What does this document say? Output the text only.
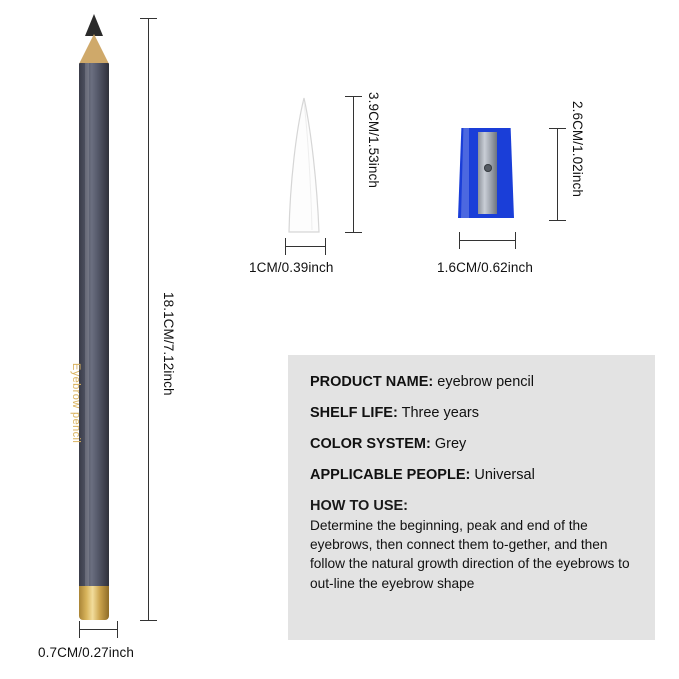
Eyebrow pencil
18.1CM/7.12inch
0.7CM/0.27inch
3.9CM/1.53inch
1CM/0.39inch
2.6CM/1.02inch
1.6CM/0.62inch
PRODUCT NAME: eyebrow pencil
SHELF LIFE: Three years
COLOR SYSTEM: Grey
APPLICABLE PEOPLE: Universal
HOW TO USE:
Determine the beginning, peak and end of the eyebrows, then connect them to-gether, and then follow the natural growth direction of the eyebrows to out-line the eyebrow shape
